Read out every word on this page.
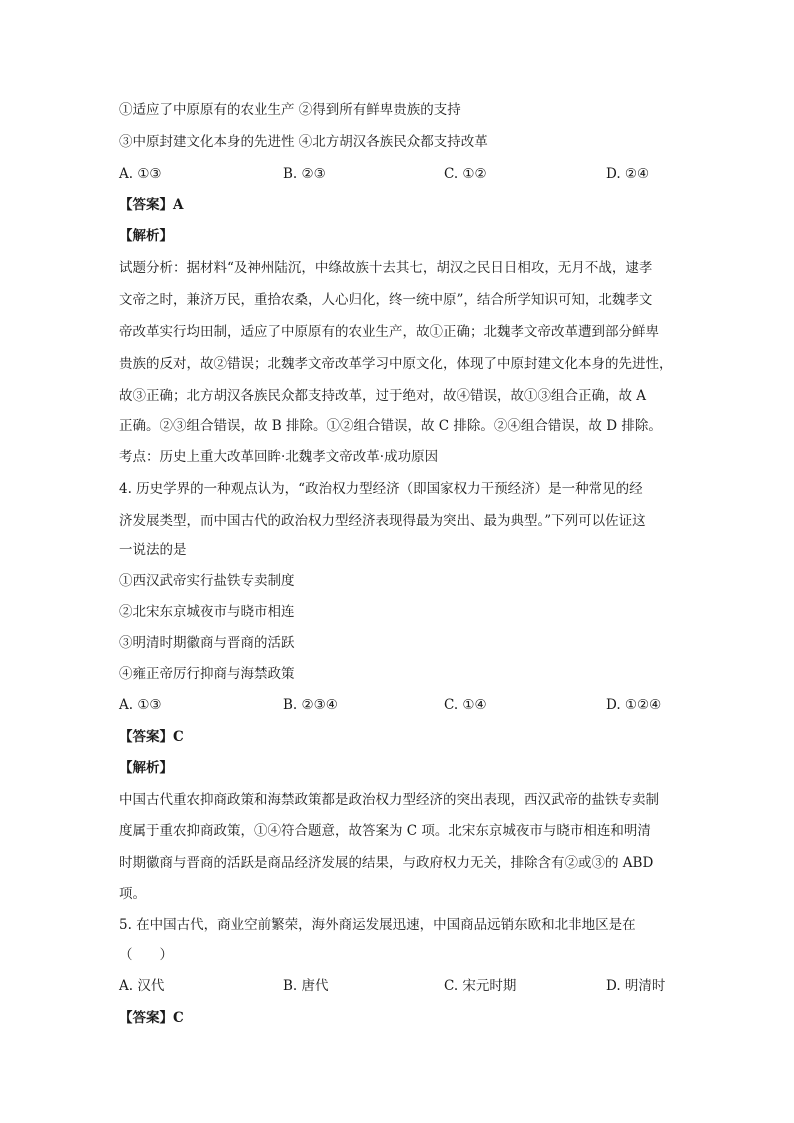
①适应了中原原有的农业生产 ②得到所有鲜卑贵族的支持
③中原封建文化本身的先进性 ④北方胡汉各族民众都支持改革
A. ①③	B. ②③	C. ①②	D. ②④
【答案】A
【解析】
试题分析：据材料“及神州陆沉，中绦故族十去其七，胡汉之民日日相攻，无月不战，逮孝
文帝之时，兼济万民，重拾农桑，人心归化，终一统中原”，结合所学知识可知，北魏孝文
帝改革实行均田制，适应了中原原有的农业生产，故①正确；北魏孝文帝改革遭到部分鲜卑
贵族的反对，故②错误；北魏孝文帝改革学习中原文化，体现了中原封建文化本身的先进性，
故③正确；北方胡汉各族民众都支持改革，过于绝对，故④错误，故①③组合正确，故 A
正确。②③组合错误，故 B 排除。①②组合错误，故 C 排除。②④组合错误，故 D 排除。
考点：历史上重大改革回眸·北魏孝文帝改革·成功原因
4. 历史学界的一种观点认为，“政治权力型经济（即国家权力干预经济）是一种常见的经
济发展类型，而中国古代的政治权力型经济表现得最为突出、最为典型。”下列可以佐证这
一说法的是
①西汉武帝实行盐铁专卖制度
②北宋东京城夜市与晓市相连
③明清时期徽商与晋商的活跃
④雍正帝厉行抑商与海禁政策
A. ①③	B. ②③④	C. ①④	D. ①②④
【答案】C
【解析】
中国古代重农抑商政策和海禁政策都是政治权力型经济的突出表现，西汉武帝的盐铁专卖制
度属于重农抑商政策，①④符合题意，故答案为 C 项。北宋东京城夜市与晓市相连和明清
时期徽商与晋商的活跃是商品经济发展的结果，与政府权力无关，排除含有②或③的 ABD
项。
5. 在中国古代，商业空前繁荣，海外商运发展迅速，中国商品远销东欧和北非地区是在
（　　）
A. 汉代	B. 唐代	C. 宋元时期	D. 明清时
【答案】C
